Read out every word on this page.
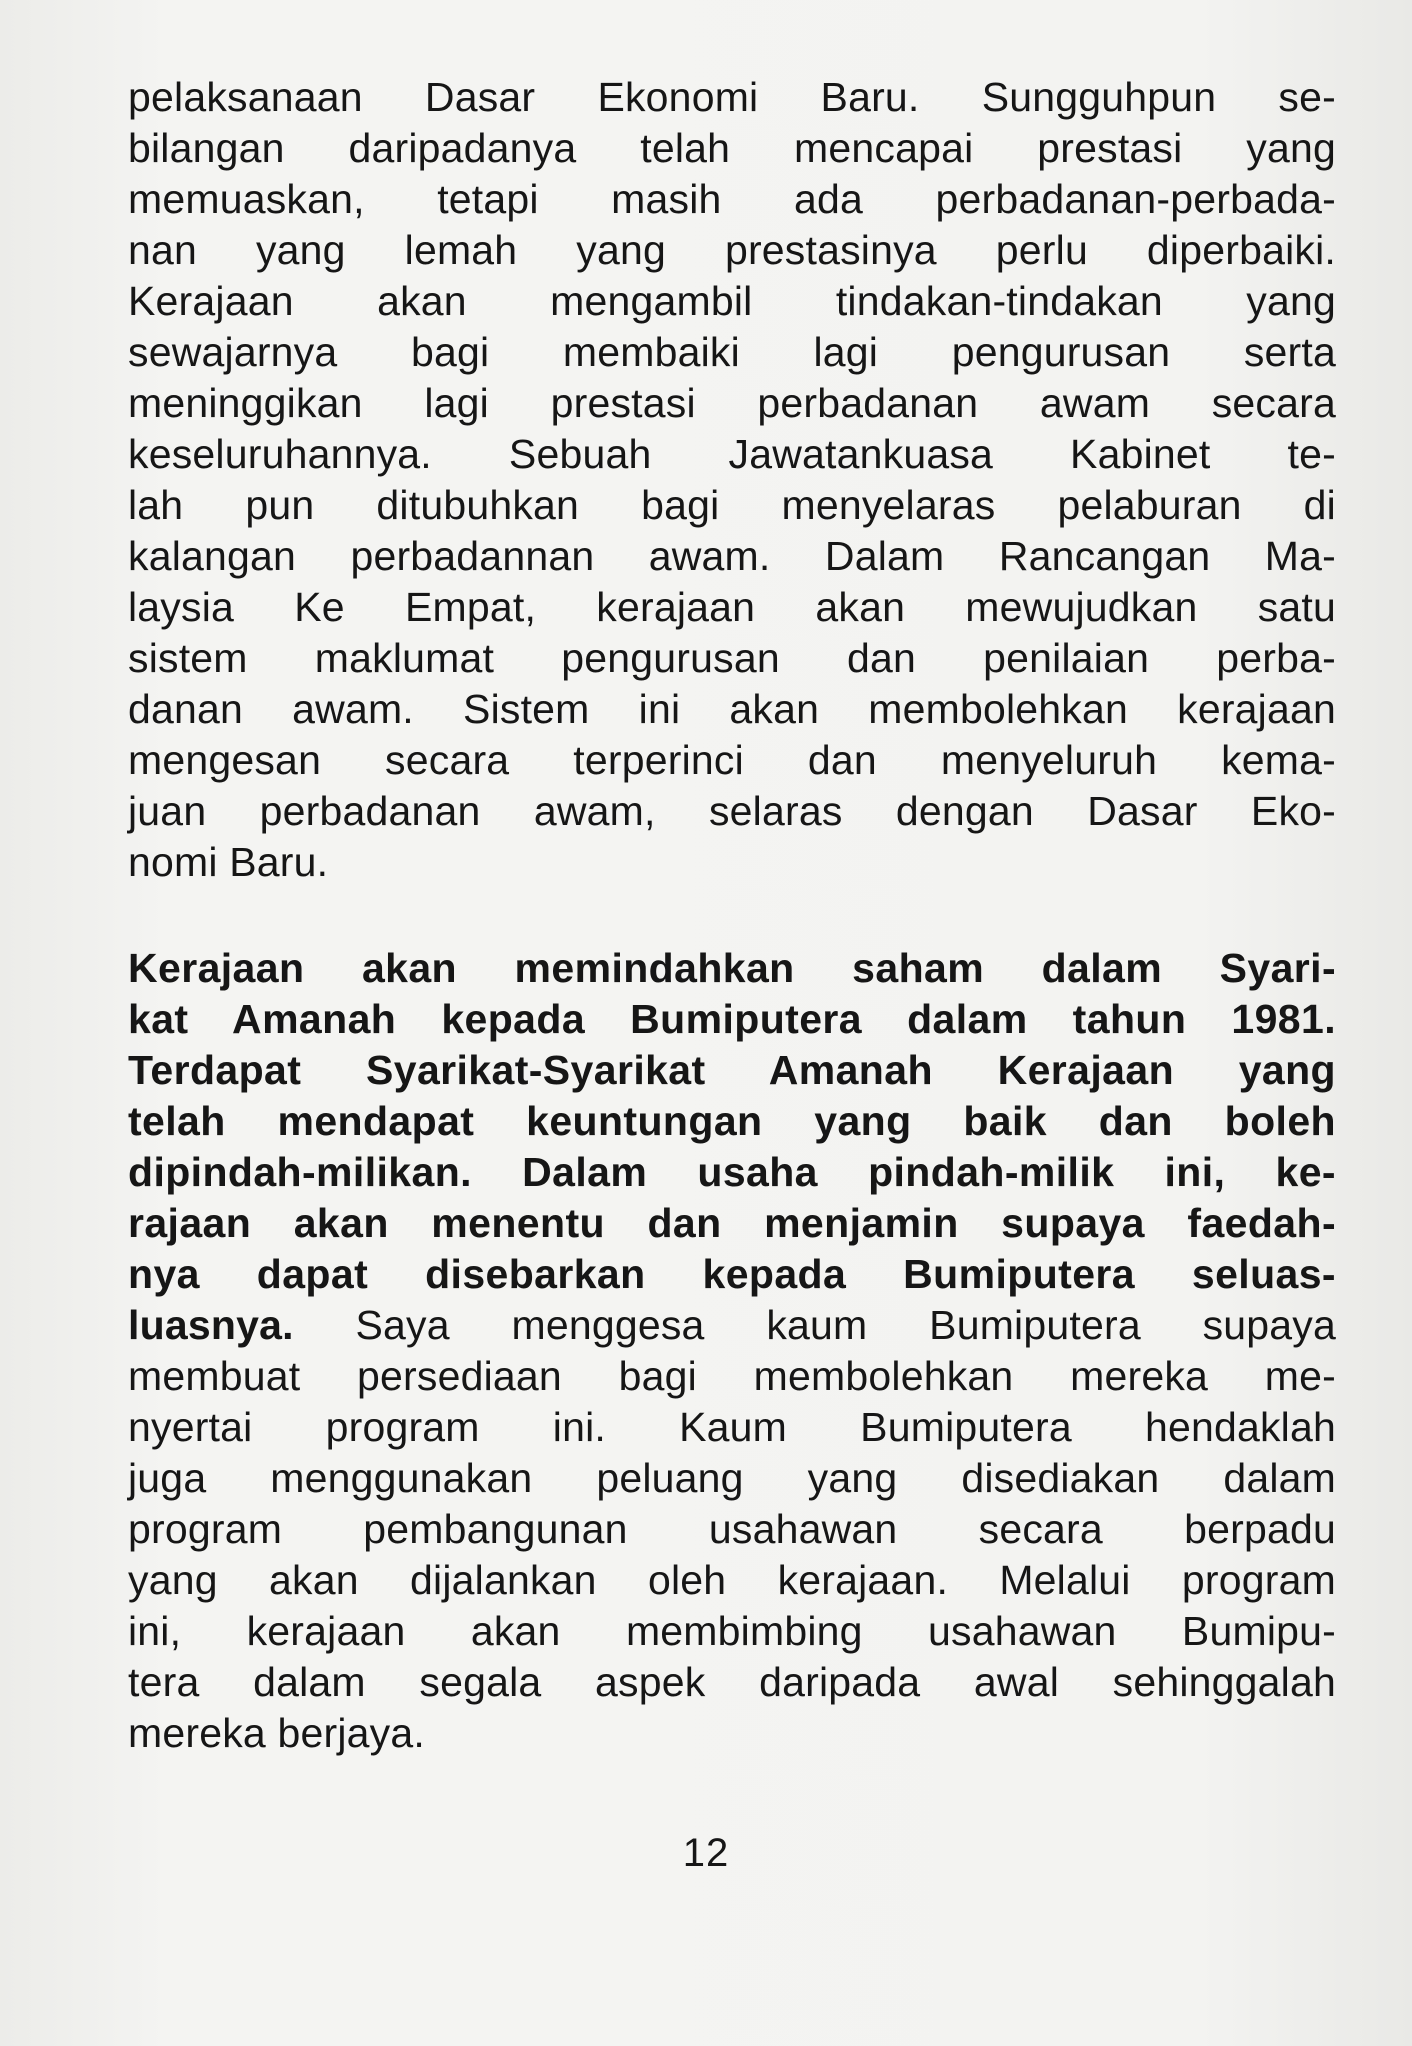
pelaksanaan Dasar Ekonomi Baru. Sungguhpun se-
bilangan daripadanya telah mencapai prestasi yang
memuaskan, tetapi masih ada perbadanan-perbada-
nan yang lemah yang prestasinya perlu diperbaiki.
Kerajaan akan mengambil tindakan-tindakan yang
sewajarnya bagi membaiki lagi pengurusan serta
meninggikan lagi prestasi perbadanan awam secara
keseluruhannya. Sebuah Jawatankuasa Kabinet te-
lah pun ditubuhkan bagi menyelaras pelaburan di
kalangan perbadannan awam. Dalam Rancangan Ma-
laysia Ke Empat, kerajaan akan mewujudkan satu
sistem maklumat pengurusan dan penilaian perba-
danan awam. Sistem ini akan membolehkan kerajaan
mengesan secara terperinci dan menyeluruh kema-
juan perbadanan awam, selaras dengan Dasar Eko-
nomi Baru.
Kerajaan akan memindahkan saham dalam Syari-
kat Amanah kepada Bumiputera dalam tahun 1981.
Terdapat Syarikat-Syarikat Amanah Kerajaan yang
telah mendapat keuntungan yang baik dan boleh
dipindah-milikan. Dalam usaha pindah-milik ini, ke-
rajaan akan menentu dan menjamin supaya faedah-
nya dapat disebarkan kepada Bumiputera seluas-
luasnya. Saya menggesa kaum Bumiputera supaya
membuat persediaan bagi membolehkan mereka me-
nyertai program ini. Kaum Bumiputera hendaklah
juga menggunakan peluang yang disediakan dalam
program pembangunan usahawan secara berpadu
yang akan dijalankan oleh kerajaan. Melalui program
ini, kerajaan akan membimbing usahawan Bumipu-
tera dalam segala aspek daripada awal sehinggalah
mereka berjaya.
12
